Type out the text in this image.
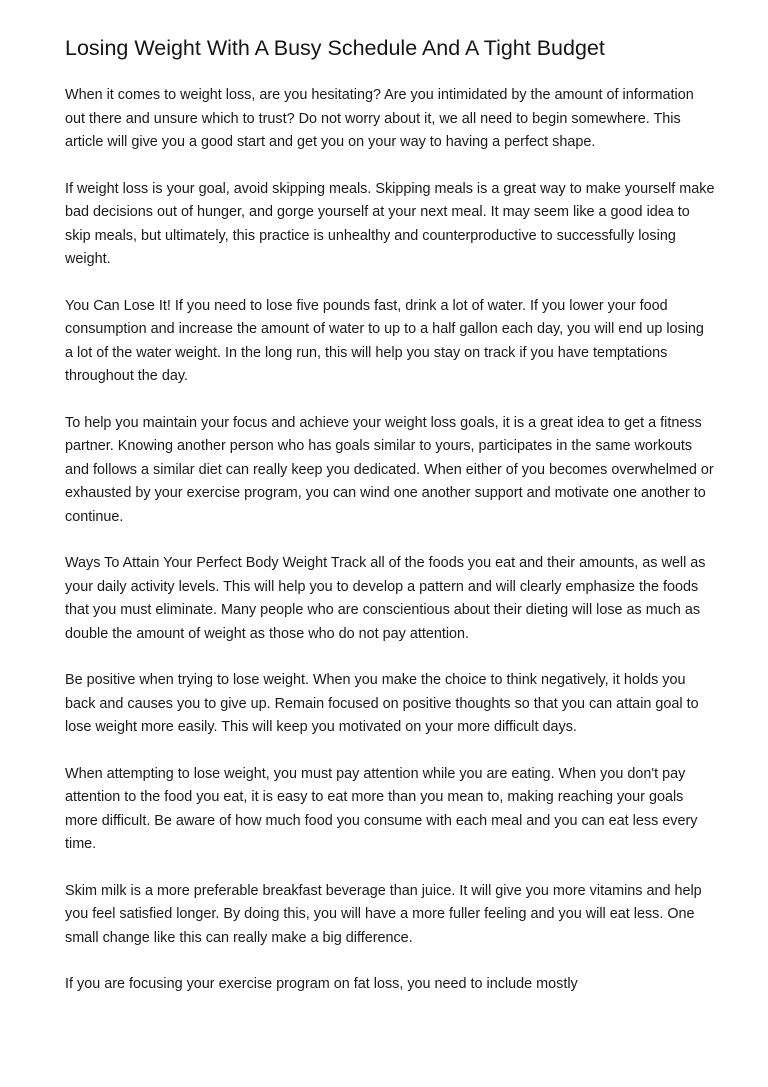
Losing Weight With A Busy Schedule And A Tight Budget

When it comes to weight loss, are you hesitating? Are you intimidated by the amount of information out there and unsure which to trust? Do not worry about it, we all need to begin somewhere. This article will give you a good start and get you on your way to having a perfect shape.

If weight loss is your goal, avoid skipping meals. Skipping meals is a great way to make yourself make bad decisions out of hunger, and gorge yourself at your next meal. It may seem like a good idea to skip meals, but ultimately, this practice is unhealthy and counterproductive to successfully losing weight.

You Can Lose It! If you need to lose five pounds fast, drink a lot of water. If you lower your food consumption and increase the amount of water to up to a half gallon each day, you will end up losing a lot of the water weight. In the long run, this will help you stay on track if you have temptations throughout the day.

To help you maintain your focus and achieve your weight loss goals, it is a great idea to get a fitness partner. Knowing another person who has goals similar to yours, participates in the same workouts and follows a similar diet can really keep you dedicated. When either of you becomes overwhelmed or exhausted by your exercise program, you can wind one another support and motivate one another to continue.

Ways To Attain Your Perfect Body Weight Track all of the foods you eat and their amounts, as well as your daily activity levels. This will help you to develop a pattern and will clearly emphasize the foods that you must eliminate. Many people who are conscientious about their dieting will lose as much as double the amount of weight as those who do not pay attention.

Be positive when trying to lose weight. When you make the choice to think negatively, it holds you back and causes you to give up. Remain focused on positive thoughts so that you can attain goal to lose weight more easily. This will keep you motivated on your more difficult days.

When attempting to lose weight, you must pay attention while you are eating. When you don't pay attention to the food you eat, it is easy to eat more than you mean to, making reaching your goals more difficult. Be aware of how much food you consume with each meal and you can eat less every time.

Skim milk is a more preferable breakfast beverage than juice. It will give you more vitamins and help you feel satisfied longer. By doing this, you will have a more fuller feeling and you will eat less. One small change like this can really make a big difference.

If you are focusing your exercise program on fat loss, you need to include mostly
